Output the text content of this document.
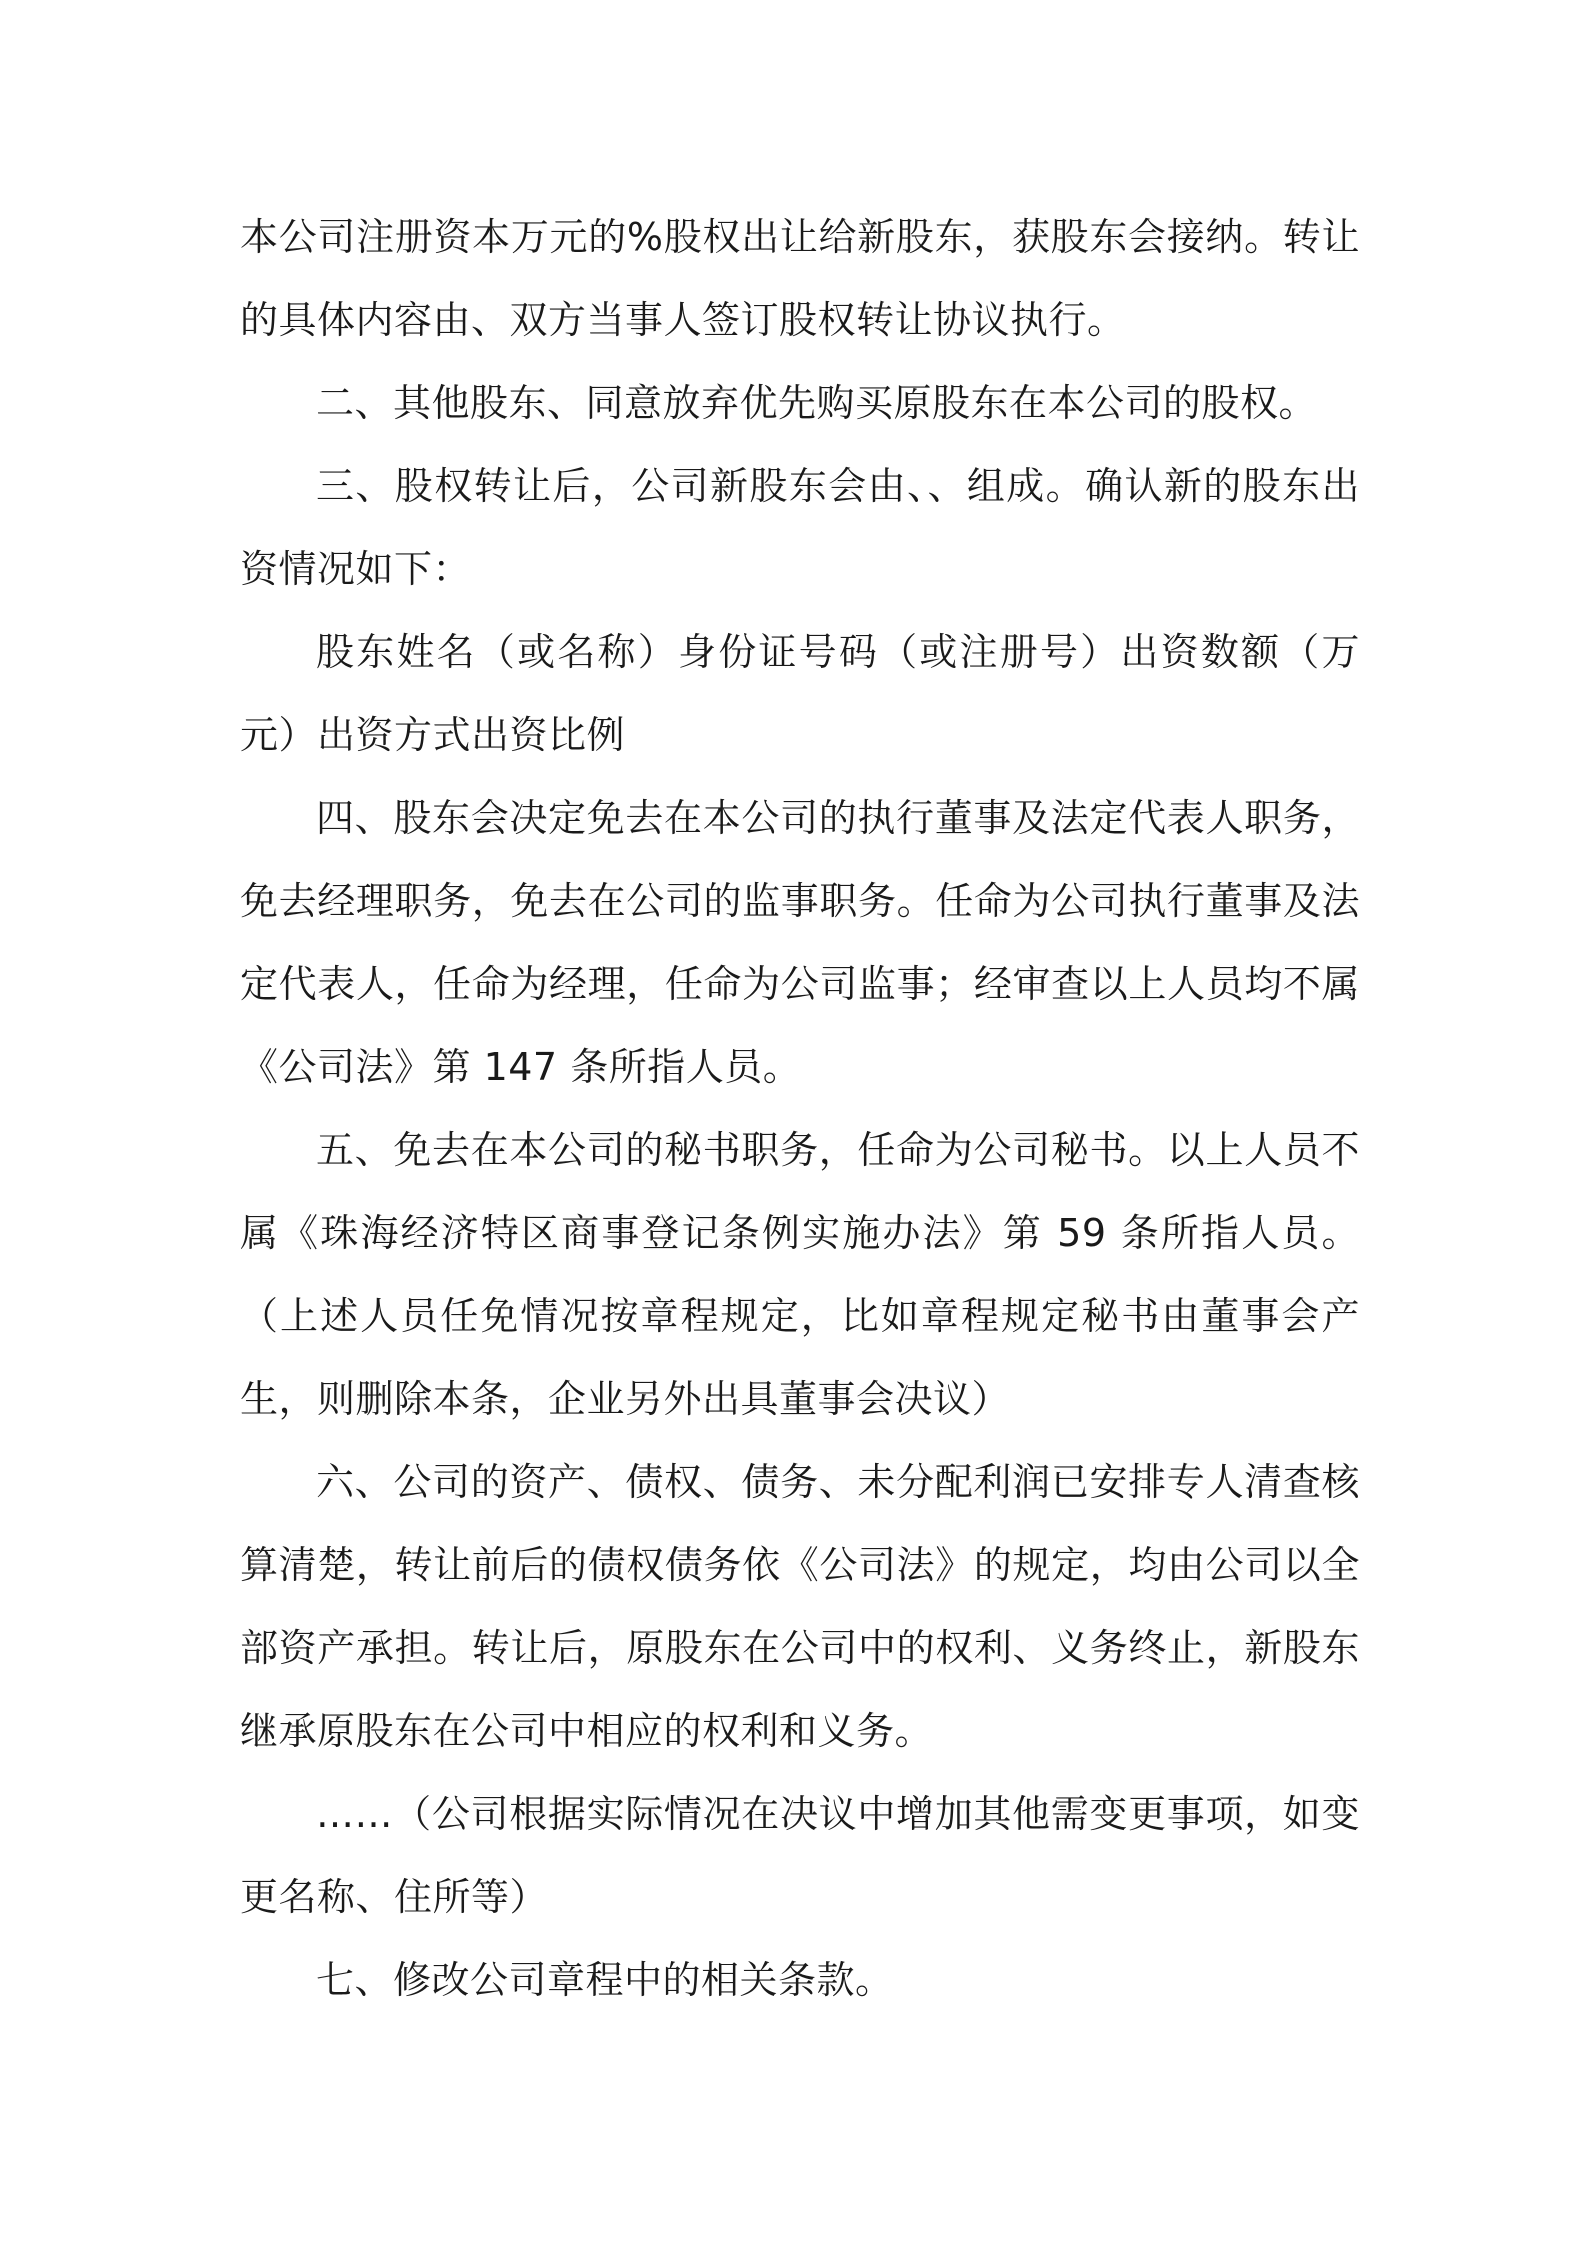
本公司注册资本万元的%股权出让给新股东，获股东会接纳。转让的具体内容由、双方当事人签订股权转让协议执行。

二、其他股东、同意放弃优先购买原股东在本公司的股权。

三、股权转让后，公司新股东会由、、组成。确认新的股东出资情况如下：

股东姓名（或名称）身份证号码（或注册号）出资数额（万元）出资方式出资比例

四、股东会决定免去在本公司的执行董事及法定代表人职务，免去经理职务，免去在公司的监事职务。任命为公司执行董事及法定代表人，任命为经理，任命为公司监事；经审查以上人员均不属《公司法》第 147 条所指人员。

五、免去在本公司的秘书职务，任命为公司秘书。以上人员不属《珠海经济特区商事登记条例实施办法》第 59 条所指人员。（上述人员任免情况按章程规定，比如章程规定秘书由董事会产生，则删除本条，企业另外出具董事会决议）

六、公司的资产、债权、债务、未分配利润已安排专人清查核算清楚，转让前后的债权债务依《公司法》的规定，均由公司以全部资产承担。转让后，原股东在公司中的权利、义务终止，新股东继承原股东在公司中相应的权利和义务。

……（公司根据实际情况在决议中增加其他需变更事项，如变更名称、住所等）

七、修改公司章程中的相关条款。
